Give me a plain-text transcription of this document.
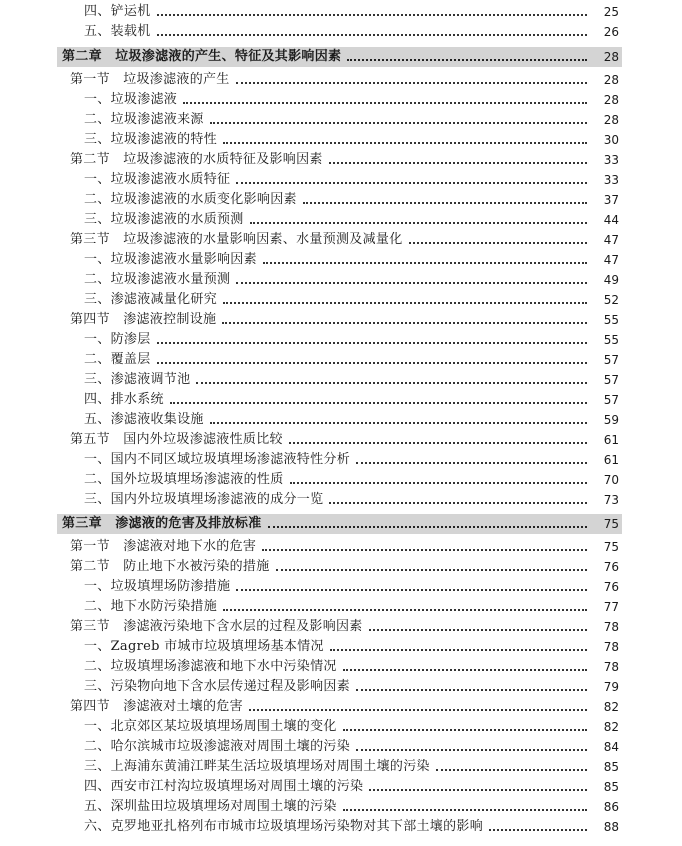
四、铲运机	25
五、装载机	26
第二章　垃圾渗滤液的产生、特征及其影响因素	28
第一节　垃圾渗滤液的产生	28
一、垃圾渗滤液	28
二、垃圾渗滤液来源	28
三、垃圾渗滤液的特性	30
第二节　垃圾渗滤液的水质特征及影响因素	33
一、垃圾渗滤液水质特征	33
二、垃圾渗滤液的水质变化影响因素	37
三、垃圾渗滤液的水质预测	44
第三节　垃圾渗滤液的水量影响因素、水量预测及减量化	47
一、垃圾渗滤液水量影响因素	47
二、垃圾渗滤液水量预测	49
三、渗滤液减量化研究	52
第四节　渗滤液控制设施	55
一、防渗层	55
二、覆盖层	57
三、渗滤液调节池	57
四、排水系统	57
五、渗滤液收集设施	59
第五节　国内外垃圾渗滤液性质比较	61
一、国内不同区域垃圾填埋场渗滤液特性分析	61
二、国外垃圾填埋场渗滤液的性质	70
三、国内外垃圾填埋场渗滤液的成分一览	73
第三章　渗滤液的危害及排放标准	75
第一节　渗滤液对地下水的危害	75
第二节　防止地下水被污染的措施	76
一、垃圾填埋场防渗措施	76
二、地下水防污染措施	77
第三节　渗滤液污染地下含水层的过程及影响因素	78
一、Zagreb 市城市垃圾填埋场基本情况	78
二、垃圾填埋场渗滤液和地下水中污染情况	78
三、污染物向地下含水层传递过程及影响因素	79
第四节　渗滤液对土壤的危害	82
一、北京郊区某垃圾填埋场周围土壤的变化	82
二、哈尔滨城市垃圾渗滤液对周围土壤的污染	84
三、上海浦东黄浦江畔某生活垃圾填埋场对周围土壤的污染	85
四、西安市江村沟垃圾填埋场对周围土壤的污染	85
五、深圳盐田垃圾填埋场对周围土壤的污染	86
六、克罗地亚扎格列布市城市垃圾填埋场污染物对其下部土壤的影响	88
